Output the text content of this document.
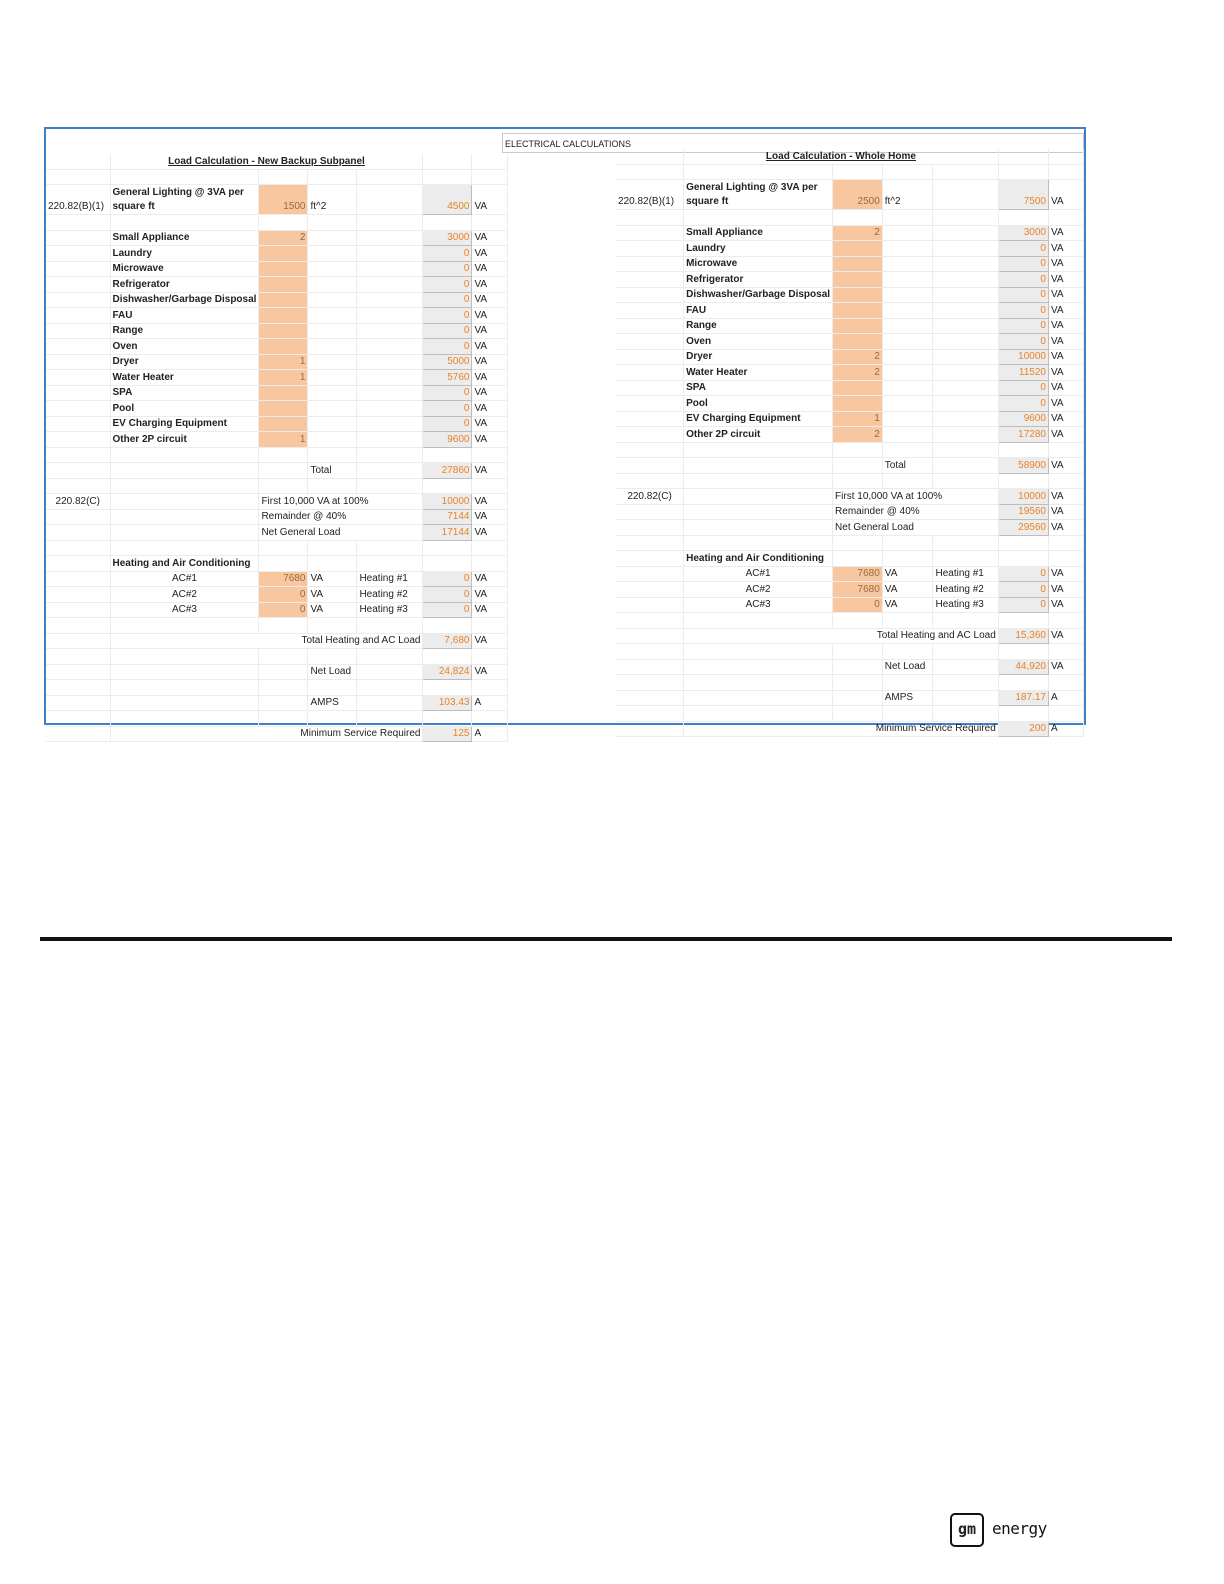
ELECTRICAL CALCULATIONS
	Load Calculation - New Backup Subpanel					

220.82(B)(1)	General Lighting @ 3VA per square ft	1500	ft^2		4500	VA

	Small Appliance	2			3000	VA
	Laundry				0	VA
	Microwave				0	VA
	Refrigerator				0	VA
	Dishwasher/Garbage Disposal				0	VA
	FAU				0	VA
	Range				0	VA
	Oven				0	VA
	Dryer	1			5000	VA
	Water Heater	1			5760	VA
	SPA				0	VA
	Pool				0	VA
	EV Charging Equipment				0	VA
	Other 2P circuit	1			9600	VA

			Total		27860	VA

220.82(C)		First 10,000 VA at 100%			10000	VA
		Remainder @ 40%			7144	VA
		Net General Load			17144	VA

	Heating and Air Conditioning					
	AC#1	7680	VA	Heating #1	0	VA
	AC#2	0	VA	Heating #2	0	VA
	AC#3	0	VA	Heating #3	0	VA

	Total Heating and AC Load				7,680	VA

			Net Load		24,824	VA

			AMPS		103.43	A

	Minimum Service Required				125	A
	Load Calculation - Whole Home					

220.82(B)(1)	General Lighting @ 3VA per square ft	2500	ft^2		7500	VA

	Small Appliance	2			3000	VA
	Laundry				0	VA
	Microwave				0	VA
	Refrigerator				0	VA
	Dishwasher/Garbage Disposal				0	VA
	FAU				0	VA
	Range				0	VA
	Oven				0	VA
	Dryer	2			10000	VA
	Water Heater	2			11520	VA
	SPA				0	VA
	Pool				0	VA
	EV Charging Equipment	1			9600	VA
	Other 2P circuit	2			17280	VA

			Total		58900	VA

220.82(C)		First 10,000 VA at 100%			10000	VA
		Remainder @ 40%			19560	VA
		Net General Load			29560	VA

	Heating and Air Conditioning					
	AC#1	7680	VA	Heating #1	0	VA
	AC#2	7680	VA	Heating #2	0	VA
	AC#3	0	VA	Heating #3	0	VA

	Total Heating and AC Load				15,360	VA

			Net Load		44,920	VA

			AMPS		187.17	A

	Minimum Service Required				200	A
gm energy
